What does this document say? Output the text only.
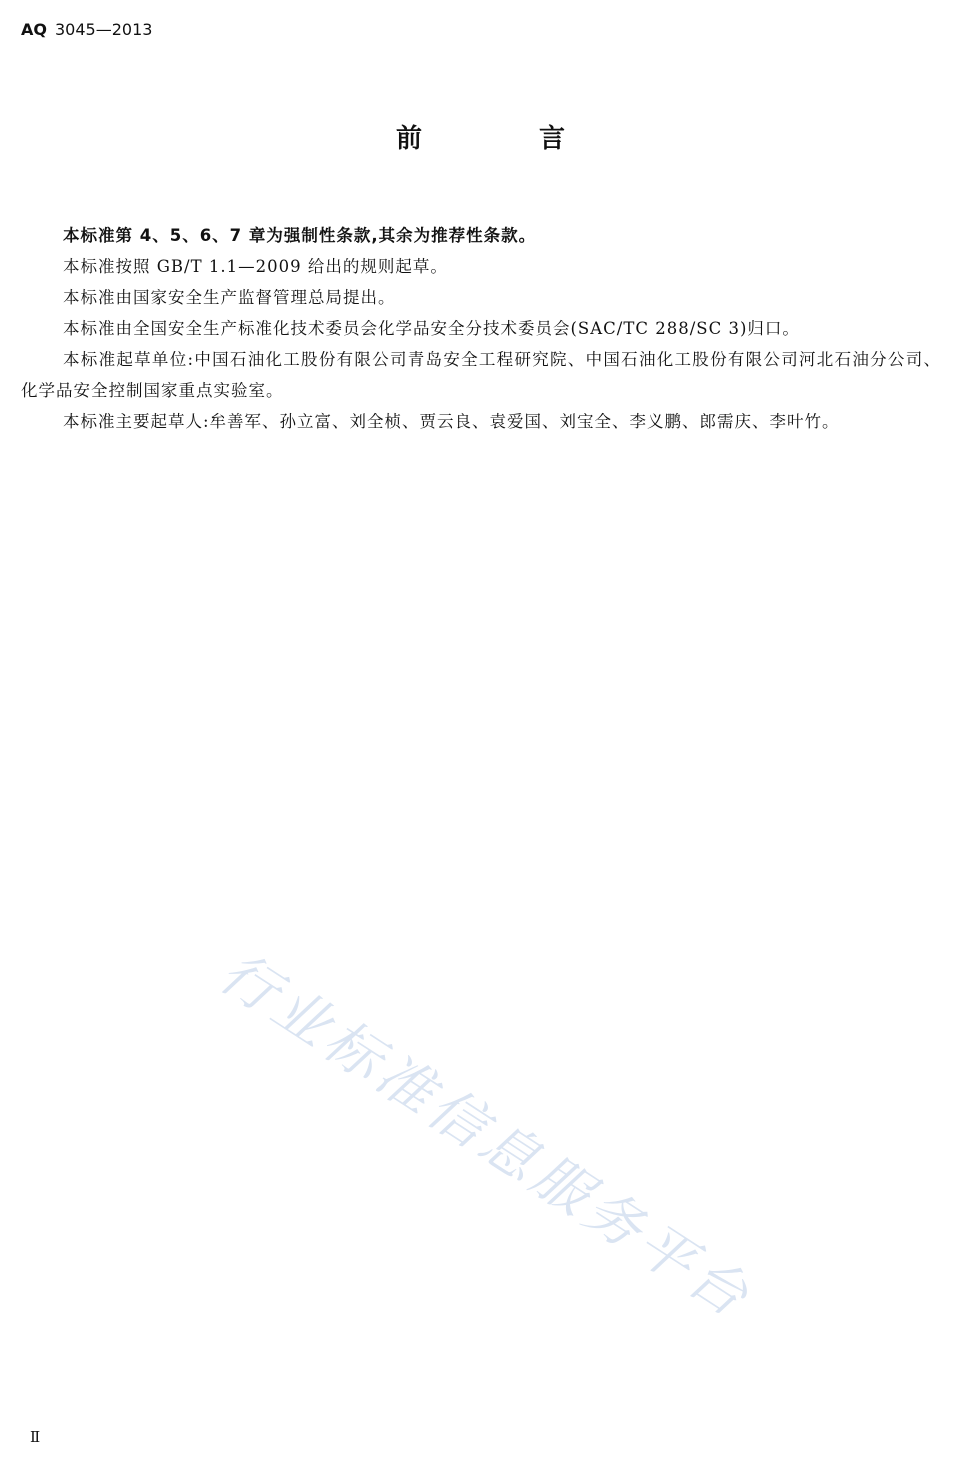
AQ 3045—2013
前 言

本标准第 4、5、6、7 章为强制性条款,其余为推荐性条款。

本标准按照 GB/T 1.1—2009 给出的规则起草。

本标准由国家安全生产监督管理总局提出。

本标准由全国安全生产标准化技术委员会化学品安全分技术委员会(SAC/TC 288/SC 3)归口。

本标准起草单位:中国石油化工股份有限公司青岛安全工程研究院、中国石油化工股份有限公司河北石油分公司、化学品安全控制国家重点实验室。

本标准主要起草人:牟善军、孙立富、刘全桢、贾云良、袁爱国、刘宝全、李义鹏、郎需庆、李叶竹。

行业标准信息服务平台
Ⅱ
